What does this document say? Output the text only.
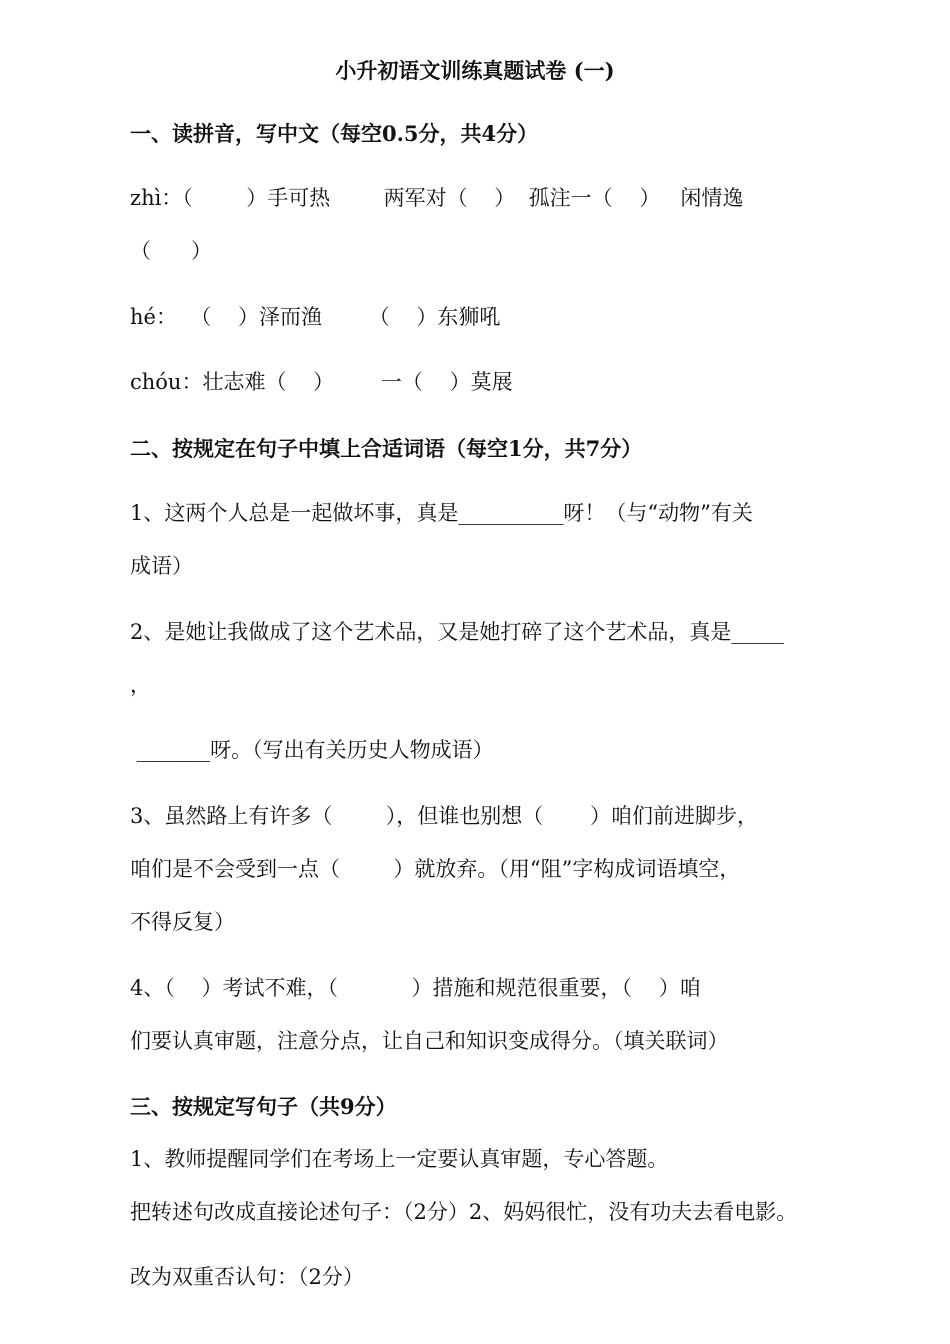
小升初语文训练真题试卷 (一)
一、读拼音，写中文（每空0.5分，共4分）
zhì：（        ）手可热        两军对（    ）  孤注一（    ）   闲情逸
（      ）
hé：  （    ）泽而渔       （    ）东狮吼
chóu：壮志难（    ）       一（    ）莫展
二、按规定在句子中填上合适词语（每空1分，共7分）
1、这两个人总是一起做坏事，真是__________呀！（与“动物”有关
成语）
2、是她让我做成了这个艺术品，又是她打碎了这个艺术品，真是_____
，
_______呀。（写出有关历史人物成语）
3、虽然路上有许多（        ），但谁也别想（       ）咱们前进脚步，
咱们是不会受到一点（        ）就放弃。（用“阻”字构成词语填空，
不得反复）
4、（    ）考试不难，（           ）措施和规范很重要，（    ）咱
们要认真审题，注意分点，让自己和知识变成得分。（填关联词）
三、按规定写句子（共9分）
1、教师提醒同学们在考场上一定要认真审题，专心答题。
把转述句改成直接论述句子：（2分）2、妈妈很忙，没有功夫去看电影。
改为双重否认句：（2分）
